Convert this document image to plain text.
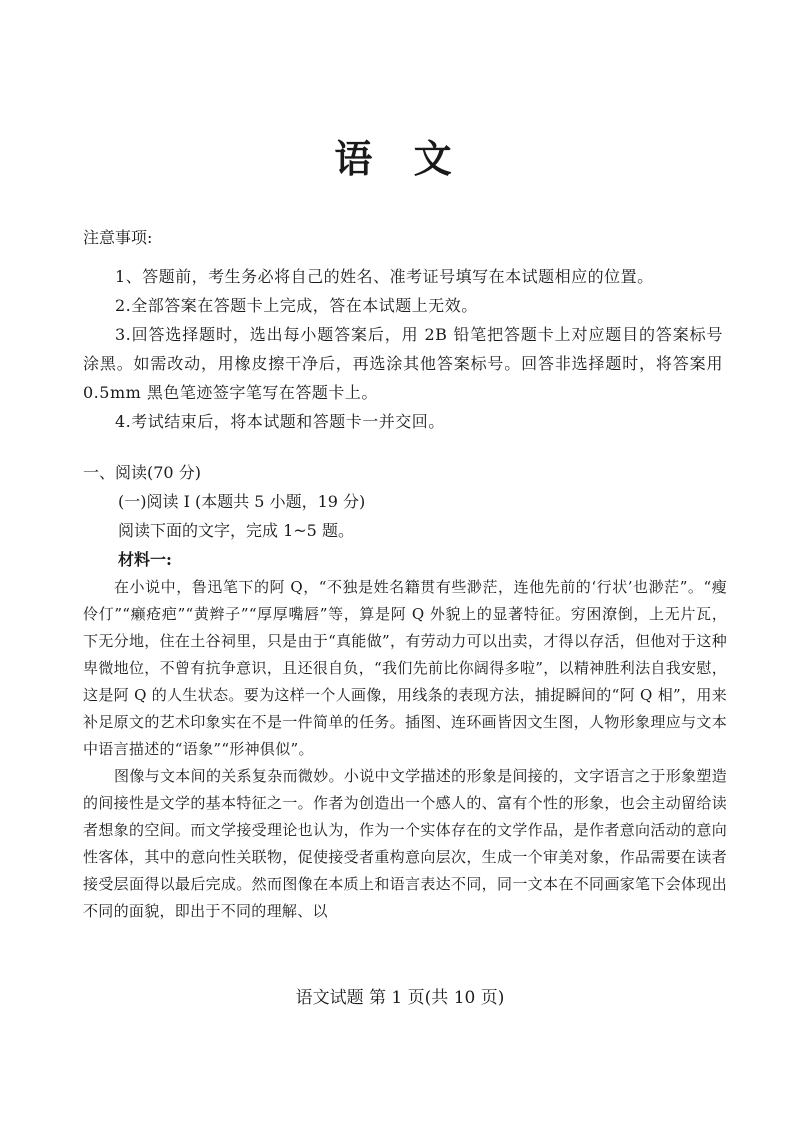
语 文
注意事项:

1、答题前，考生务必将自己的姓名、准考证号填写在本试题相应的位置。

2.全部答案在答题卡上完成，答在本试题上无效。

3.回答选择题时，选出每小题答案后，用 2B 铅笔把答题卡上对应题目的答案标号涂黑。如需改动，用橡皮擦干净后，再选涂其他答案标号。回答非选择题时，将答案用 0.5mm 黑色笔迹签字笔写在答题卡上。

4.考试结束后，将本试题和答题卡一并交回。

一、阅读(70 分)
(一)阅读 I (本题共 5 小题，19 分)
阅读下面的文字，完成 1~5 题。
材料一:

在小说中，鲁迅笔下的阿 Q，“不独是姓名籍贯有些渺茫，连他先前的‘行状’也渺茫”。“瘦伶仃”“癞疮疤”“黄辫子”“厚厚嘴唇”等，算是阿 Q 外貌上的显著特征。穷困潦倒，上无片瓦，下无分地，住在土谷祠里，只是由于“真能做”，有劳动力可以出卖，才得以存活，但他对于这种卑微地位，不曾有抗争意识，且还很自负，“我们先前比你阔得多啦”，以精神胜利法自我安慰，这是阿 Q 的人生状态。要为这样一个人画像，用线条的表现方法，捕捉瞬间的“阿 Q 相”，用来补足原文的艺术印象实在不是一件简单的任务。插图、连环画皆因文生图，人物形象理应与文本中语言描述的“语象”“形神俱似”。

图像与文本间的关系复杂而微妙。小说中文学描述的形象是间接的，文字语言之于形象塑造的间接性是文学的基本特征之一。作者为创造出一个感人的、富有个性的形象，也会主动留给读者想象的空间。而文学接受理论也认为，作为一个实体存在的文学作品，是作者意向活动的意向性客体，其中的意向性关联物，促使接受者重构意向层次，生成一个审美对象，作品需要在读者接受层面得以最后完成。然而图像在本质上和语言表达不同，同一文本在不同画家笔下会体现出不同的面貌，即出于不同的理解、以

语文试题 第 1 页(共 10 页)
